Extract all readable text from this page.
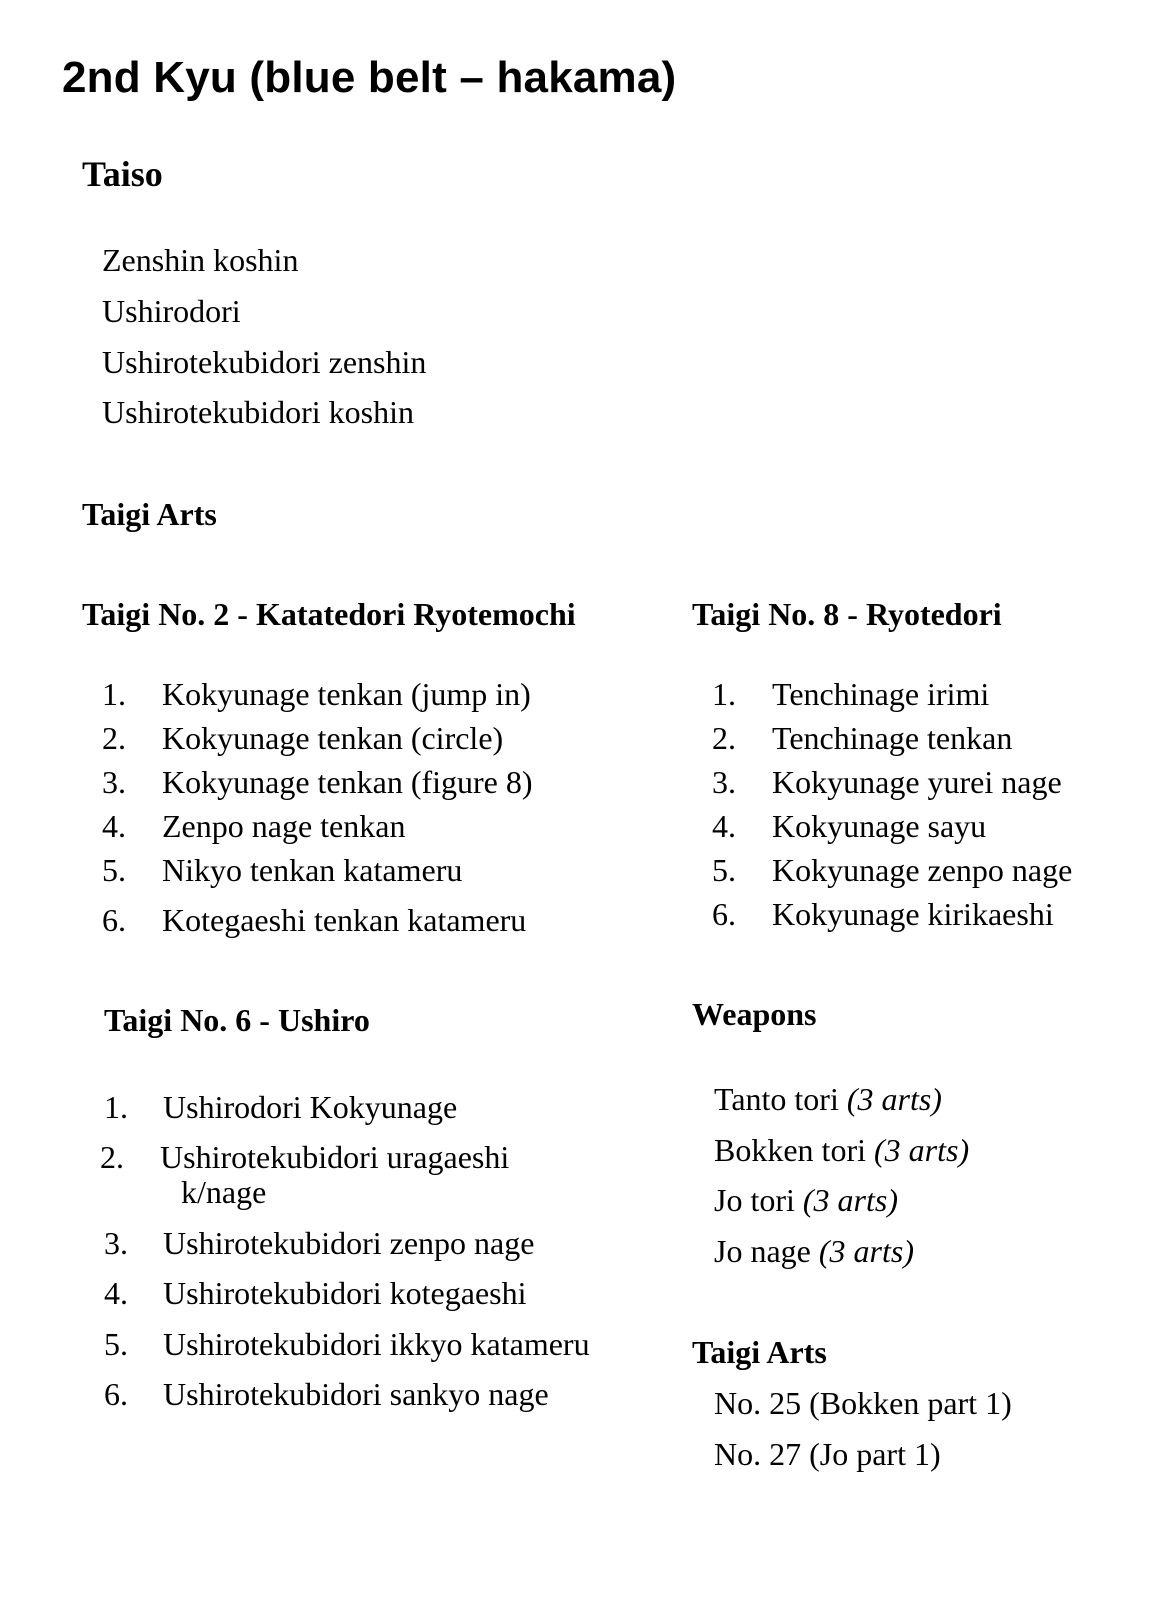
2nd Kyu (blue belt – hakama)
Taiso
Zenshin koshin
Ushirodori
Ushirotekubidori zenshin
Ushirotekubidori koshin
Taigi Arts
Taigi No. 2 - Katatedori Ryotemochi
1. Kokyunage tenkan (jump in)
2. Kokyunage tenkan (circle)
3. Kokyunage tenkan (figure 8)
4. Zenpo nage tenkan
5. Nikyo tenkan katameru
6. Kotegaeshi tenkan katameru
Taigi No. 8 - Ryotedori
1. Tenchinage irimi
2. Tenchinage tenkan
3. Kokyunage yurei nage
4. Kokyunage sayu
5. Kokyunage zenpo nage
6. Kokyunage kirikaeshi
Taigi No. 6 - Ushiro
1. Ushirodori Kokyunage
2. Ushirotekubidori uragaeshi
k/nage
3. Ushirotekubidori zenpo nage
4. Ushirotekubidori kotegaeshi
5. Ushirotekubidori ikkyo katameru
6. Ushirotekubidori sankyo nage
Weapons
Tanto tori (3 arts)
Bokken tori (3 arts)
Jo tori (3 arts)
Jo nage (3 arts)
Taigi Arts
No. 25 (Bokken part 1)
No. 27 (Jo part 1)
